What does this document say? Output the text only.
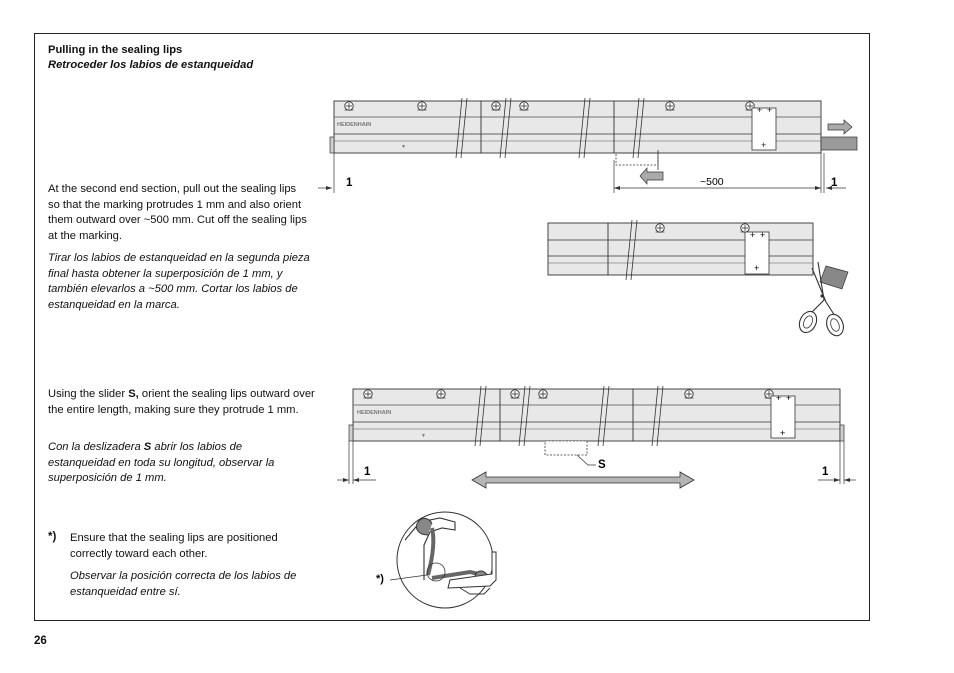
Pulling in the sealing lips
Retroceder los labios de estanqueidad
At the second end section, pull out the sealing lips so that the marking protrudes 1 mm and also orient them outward over ~500 mm. Cut off the sealing lips at the marking.
Tirar los labios de estanqueidad en la segunda pieza final hasta obtener la superposición de 1 mm, y también elevarlos a ~500 mm. Cortar los labios de estanqueidad en la marca.
Using the slider S, orient the sealing lips outward over the entire length, making sure they protrude 1 mm.
Con la deslizadera S abrir los labios de estanqueidad en toda su longitud, observar la superposición de 1 mm.
*) Ensure that the sealing lips are positioned correctly toward each other.
Observar la posición correcta de los labios de estanqueidad entre sí.
26
+ +
+
HEIDENHAIN
▼
1	~500	1
+ +
+
+ +
+
HEIDENHAIN
▼
S
1	1
*)
